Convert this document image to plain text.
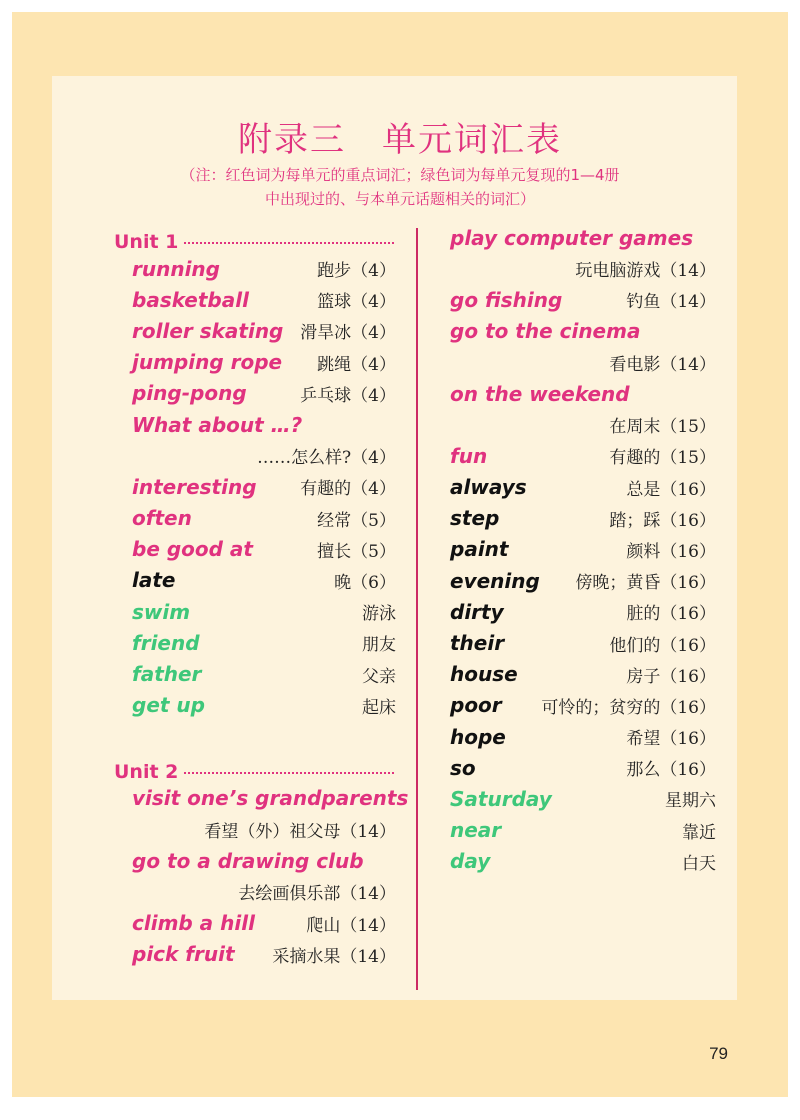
附录三　单元词汇表
（注：红色词为每单元的重点词汇；绿色词为每单元复现的1—4册
中出现过的、与本单元话题相关的词汇）
Unit 1
running	跑步（4）
basketball	篮球（4）
roller skating 滑旱冰（4）
jumping rope 跳绳（4）
ping-pong	乒乓球（4）
What about …?
……怎么样?（4）
interesting	有趣的（4）
often	经常（5）
be good at	擅长（5）
late	晚（6）
swim	游泳
friend	朋友
father	父亲
get up	起床
Unit 2
visit one’s grandparents
看望（外）祖父母（14）
go to a drawing club
去绘画俱乐部（14）
climb a hill	爬山（14）
pick fruit 采摘水果（14）
play computer games
玩电脑游戏（14）
go fishing	钓鱼（14）
go to the cinema
看电影（14）
on the weekend
在周末（15）
fun	有趣的（15）
always	总是（16）
step	踏；踩（16）
paint	颜料（16）
evening 傍晚；黄昏（16）
dirty	脏的（16）
their	他们的（16）
house	房子（16）
poor 可怜的；贫穷的（16）
hope	希望（16）
so	那么（16）
Saturday	星期六
near	靠近
day	白天
79
